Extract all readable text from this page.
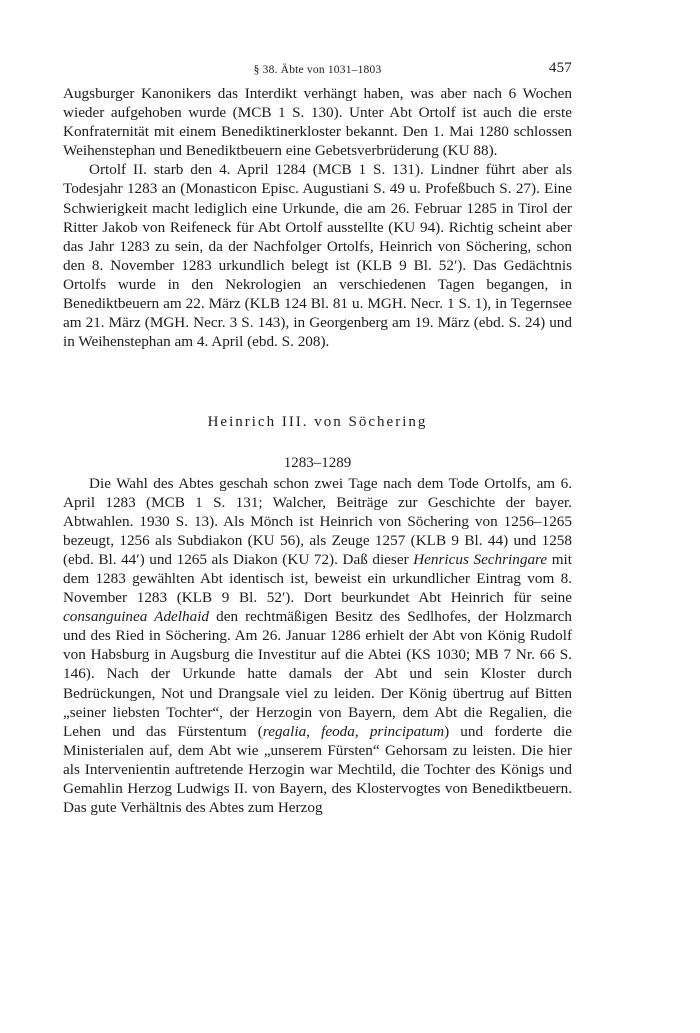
§ 38. Äbte von 1031–1803	457

Augsburger Kanonikers das Interdikt verhängt haben, was aber nach 6 Wochen wieder aufgehoben wurde (MCB 1 S. 130). Unter Abt Ortolf ist auch die erste Konfraternität mit einem Benediktinerkloster bekannt. Den 1. Mai 1280 schlossen Weihenstephan und Benediktbeuern eine Gebetsverbrüderung (KU 88).

Ortolf II. starb den 4. April 1284 (MCB 1 S. 131). Lindner führt aber als Todesjahr 1283 an (Monasticon Episc. Augustiani S. 49 u. Profeßbuch S. 27). Eine Schwierigkeit macht lediglich eine Urkunde, die am 26. Februar 1285 in Tirol der Ritter Jakob von Reifeneck für Abt Ortolf ausstellte (KU 94). Richtig scheint aber das Jahr 1283 zu sein, da der Nachfolger Ortolfs, Heinrich von Söchering, schon den 8. November 1283 urkundlich belegt ist (KLB 9 Bl. 52′). Das Gedächtnis Ortolfs wurde in den Nekrologien an verschiedenen Tagen begangen, in Benediktbeuern am 22. März (KLB 124 Bl. 81 u. MGH. Necr. 1 S. 1), in Tegernsee am 21. März (MGH. Necr. 3 S. 143), in Georgenberg am 19. März (ebd. S. 24) und in Weihenstephan am 4. April (ebd. S. 208).

Heinrich III. von Söchering
1283–1289

Die Wahl des Abtes geschah schon zwei Tage nach dem Tode Ortolfs, am 6. April 1283 (MCB 1 S. 131; Walcher, Beiträge zur Geschichte der bayer. Abtwahlen. 1930 S. 13). Als Mönch ist Heinrich von Söchering von 1256–1265 bezeugt, 1256 als Subdiakon (KU 56), als Zeuge 1257 (KLB 9 Bl. 44) und 1258 (ebd. Bl. 44′) und 1265 als Diakon (KU 72). Daß dieser Henricus Sechringare mit dem 1283 gewählten Abt identisch ist, beweist ein urkundlicher Eintrag vom 8. November 1283 (KLB 9 Bl. 52′). Dort beurkundet Abt Heinrich für seine consanguinea Adelhaid den rechtmäßigen Besitz des Sedlhofes, der Holzmarch und des Ried in Söchering. Am 26. Januar 1286 erhielt der Abt von König Rudolf von Habsburg in Augsburg die Investitur auf die Abtei (KS 1030; MB 7 Nr. 66 S. 146). Nach der Urkunde hatte damals der Abt und sein Kloster durch Bedrückungen, Not und Drangsale viel zu leiden. Der König übertrug auf Bitten „seiner liebsten Tochter“, der Herzogin von Bayern, dem Abt die Regalien, die Lehen und das Fürstentum (regalia, feoda, principatum) und forderte die Ministerialen auf, dem Abt wie „unserem Fürsten“ Gehorsam zu leisten. Die hier als Intervenientin auftretende Herzogin war Mechtild, die Tochter des Königs und Gemahlin Herzog Ludwigs II. von Bayern, des Klostervogtes von Benediktbeuern. Das gute Verhältnis des Abtes zum Herzog
